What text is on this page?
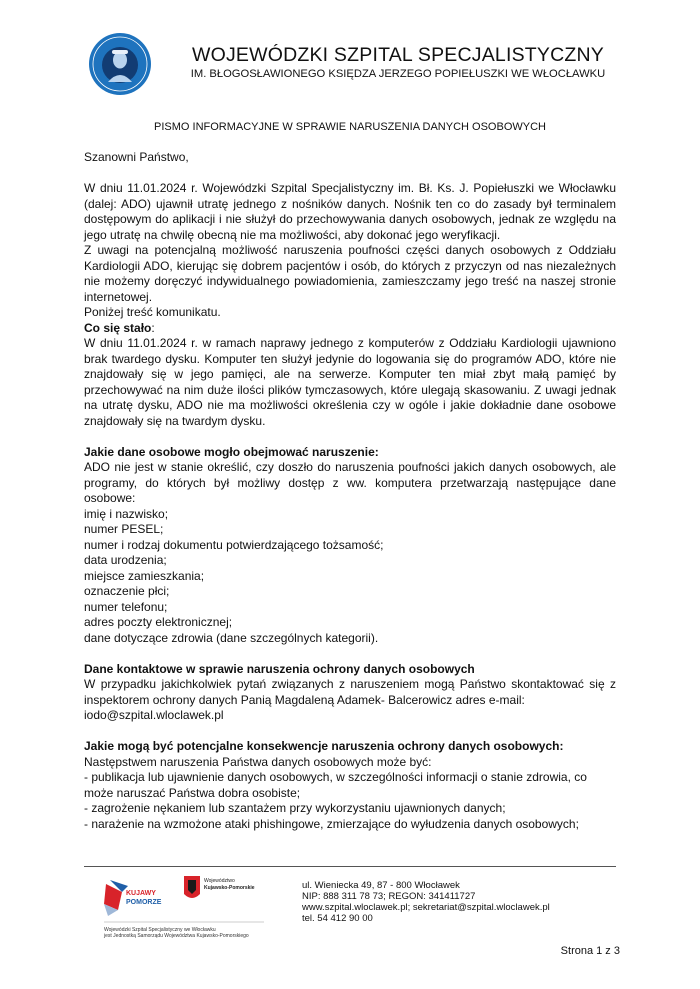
WOJEWÓDZKI SZPITAL SPECJALISTYCZNY
IM. BŁOGOSŁAWIONEGO KSIĘDZA JERZEGO POPIEŁUSZKI WE WŁOCŁAWKU
PISMO INFORMACYJNE W SPRAWIE NARUSZENIA DANYCH OSOBOWYCH

Szanowni Państwo,

W dniu 11.01.2024 r. Wojewódzki Szpital Specjalistyczny im. Bł. Ks. J. Popiełuszki we Włocławku (dalej: ADO) ujawnił utratę jednego z nośników danych. Nośnik ten co do zasady był terminalem dostępowym do aplikacji i nie służył do przechowywania danych osobowych, jednak ze względu na jego utratę na chwilę obecną nie ma możliwości, aby dokonać jego weryfikacji.

Z uwagi na potencjalną możliwość naruszenia poufności części danych osobowych z Oddziału Kardiologii ADO, kierując się dobrem pacjentów i osób, do których z przyczyn od nas niezależnych nie możemy doręczyć indywidualnego powiadomienia, zamieszczamy jego treść na naszej stronie internetowej.

Poniżej treść komunikatu.

Co się stało:

W dniu 11.01.2024 r. w ramach naprawy jednego z komputerów z Oddziału Kardiologii ujawniono brak twardego dysku. Komputer ten służył jedynie do logowania się do programów ADO, które nie znajdowały się w jego pamięci, ale na serwerze. Komputer ten miał zbyt małą pamięć by przechowywać na nim duże ilości plików tymczasowych, które ulegają skasowaniu. Z uwagi jednak na utratę dysku, ADO nie ma możliwości określenia czy w ogóle i jakie dokładnie dane osobowe znajdowały się na twardym dysku.

Jakie dane osobowe mogło obejmować naruszenie:

ADO nie jest w stanie określić, czy doszło do naruszenia poufności jakich danych osobowych, ale programy, do których był możliwy dostęp z ww. komputera przetwarzają następujące dane osobowe:

imię i nazwisko;

numer PESEL;

numer i rodzaj dokumentu potwierdzającego tożsamość;

data urodzenia;

miejsce zamieszkania;

oznaczenie płci;

numer telefonu;

adres poczty elektronicznej;

dane dotyczące zdrowia (dane szczególnych kategorii).

Dane kontaktowe w sprawie naruszenia ochrony danych osobowych

W przypadku jakichkolwiek pytań związanych z naruszeniem mogą Państwo skontaktować się z inspektorem ochrony danych Panią Magdaleną Adamek- Balcerowicz adres e-mail:

iodo@szpital.wloclawek.pl

Jakie mogą być potencjalne konsekwencje naruszenia ochrony danych osobowych:

Następstwem naruszenia Państwa danych osobowych może być:

- publikacja lub ujawnienie danych osobowych, w szczególności informacji o stanie zdrowia, co może naruszać Państwa dobra osobiste;

- zagrożenie nękaniem lub szantażem przy wykorzystaniu ujawnionych danych;

- narażenie na wzmożone ataki phishingowe, zmierzające do wyłudzenia danych osobowych;

KUJAWY
POMORZE
Województwo
Kujawsko-Pomorskie
Wojewódzki Szpital Specjalistyczny we Włocławku
jest Jednostką Samorządu Województwa Kujawsko-Pomorskiego
ul. Wieniecka 49, 87 - 800 Włocławek
NIP: 888 311 78 73; REGON: 341411727
www.szpital.wloclawek.pl; sekretariat@szpital.wloclawek.pl
tel. 54 412 90 00
Strona 1 z 3
